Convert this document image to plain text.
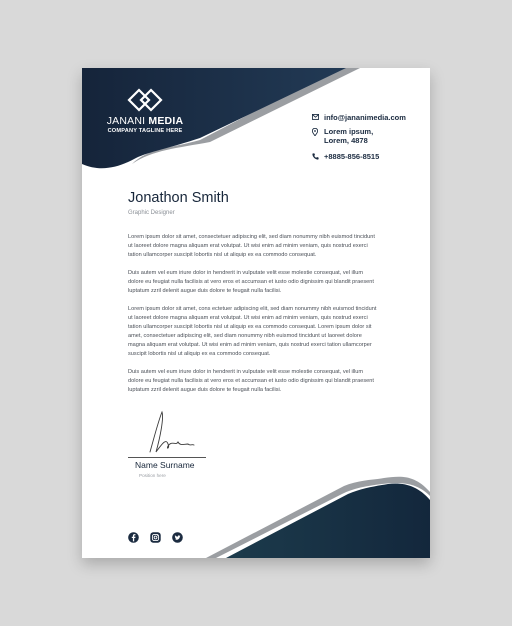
JANANI MEDIA
COMPANY TAGLINE HERE
info@jananimedia.com
Lorem ipsum,
Lorem, 4878
+8885-856-8515
Jonathon Smith
Graphic Designer

Lorem ipsum dolor sit amet, consectetuer adipiscing elit, sed diam nonummy nibh euismod tincidunt
ut laoreet dolore magna aliquam erat volutpat. Ut wisi enim ad minim veniam, quis nostrud exerci
tation ullamcorper suscipit lobortis nisl ut aliquip ex ea commodo consequat.

Duis autem vel eum iriure dolor in hendrerit in vulputate velit esse molestie consequat, vel illum
dolore eu feugiat nulla facilisis at vero eros et accumsan et iusto odio dignissim qui blandit praesent
luptatum zzril delenit augue duis dolore te feugait nulla facilisi.

Lorem ipsum dolor sit amet, cons ectetuer adipiscing elit, sed diam nonummy nibh euismod tincidunt
ut laoreet dolore magna aliquam erat volutpat. Ut wisi enim ad minim veniam, quis nostrud exerci
tation ullamcorper suscipit lobortis nisl ut aliquip ex ea commodo consequat. Lorem ipsum dolor sit
amet, consectetuer adipiscing elit, sed diam nonummy nibh euismod tincidunt ut laoreet dolore
magna aliquam erat volutpat. Ut wisi enim ad minim veniam, quis nostrud exerci tation ullamcorper
suscipit lobortis nisl ut aliquip ex ea commodo consequat.

Duis autem vel eum iriure dolor in hendrerit in vulputate velit esse molestie consequat, vel illum
dolore eu feugiat nulla facilisis at vero eros et accumsan et iusto odio dignissim qui blandit praesent
luptatum zzril delenit augue duis dolore te feugait nulla facilisi.

Name Surname
Position here
